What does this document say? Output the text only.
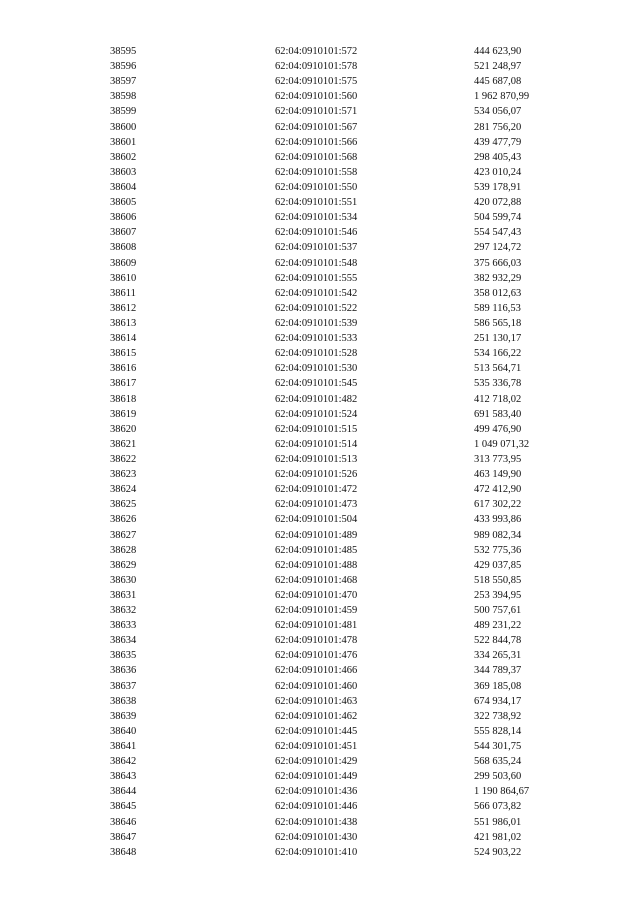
38595	62:04:0910101:572	444 623,90
38596	62:04:0910101:578	521 248,97
38597	62:04:0910101:575	445 687,08
38598	62:04:0910101:560	1 962 870,99
38599	62:04:0910101:571	534 056,07
38600	62:04:0910101:567	281 756,20
38601	62:04:0910101:566	439 477,79
38602	62:04:0910101:568	298 405,43
38603	62:04:0910101:558	423 010,24
38604	62:04:0910101:550	539 178,91
38605	62:04:0910101:551	420 072,88
38606	62:04:0910101:534	504 599,74
38607	62:04:0910101:546	554 547,43
38608	62:04:0910101:537	297 124,72
38609	62:04:0910101:548	375 666,03
38610	62:04:0910101:555	382 932,29
38611	62:04:0910101:542	358 012,63
38612	62:04:0910101:522	589 116,53
38613	62:04:0910101:539	586 565,18
38614	62:04:0910101:533	251 130,17
38615	62:04:0910101:528	534 166,22
38616	62:04:0910101:530	513 564,71
38617	62:04:0910101:545	535 336,78
38618	62:04:0910101:482	412 718,02
38619	62:04:0910101:524	691 583,40
38620	62:04:0910101:515	499 476,90
38621	62:04:0910101:514	1 049 071,32
38622	62:04:0910101:513	313 773,95
38623	62:04:0910101:526	463 149,90
38624	62:04:0910101:472	472 412,90
38625	62:04:0910101:473	617 302,22
38626	62:04:0910101:504	433 993,86
38627	62:04:0910101:489	989 082,34
38628	62:04:0910101:485	532 775,36
38629	62:04:0910101:488	429 037,85
38630	62:04:0910101:468	518 550,85
38631	62:04:0910101:470	253 394,95
38632	62:04:0910101:459	500 757,61
38633	62:04:0910101:481	489 231,22
38634	62:04:0910101:478	522 844,78
38635	62:04:0910101:476	334 265,31
38636	62:04:0910101:466	344 789,37
38637	62:04:0910101:460	369 185,08
38638	62:04:0910101:463	674 934,17
38639	62:04:0910101:462	322 738,92
38640	62:04:0910101:445	555 828,14
38641	62:04:0910101:451	544 301,75
38642	62:04:0910101:429	568 635,24
38643	62:04:0910101:449	299 503,60
38644	62:04:0910101:436	1 190 864,67
38645	62:04:0910101:446	566 073,82
38646	62:04:0910101:438	551 986,01
38647	62:04:0910101:430	421 981,02
38648	62:04:0910101:410	524 903,22
